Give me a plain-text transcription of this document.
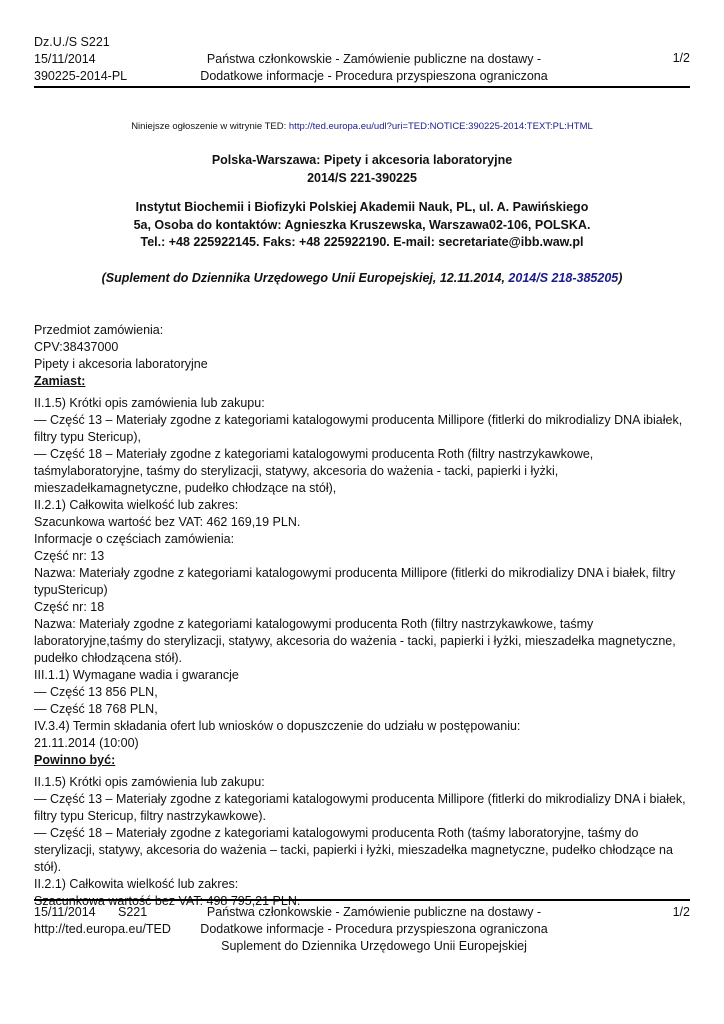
Dz.U./S S221
15/11/2014
390225-2014-PL
Państwa członkowskie - Zamówienie publiczne na dostawy -
Dodatkowe informacje - Procedura przyspieszona ograniczona
1/2
Niniejsze ogłoszenie w witrynie TED: http://ted.europa.eu/udl?uri=TED:NOTICE:390225-2014:TEXT:PL:HTML
Polska-Warszawa: Pipety i akcesoria laboratoryjne
2014/S 221-390225
Instytut Biochemii i Biofizyki Polskiej Akademii Nauk, PL, ul. A. Pawińskiego
5a, Osoba do kontaktów: Agnieszka Kruszewska, Warszawa02-106, POLSKA.
Tel.: +48 225922145. Faks: +48 225922190. E-mail: secretariate@ibb.waw.pl
(Suplement do Dziennika Urzędowego Unii Europejskiej, 12.11.2014, 2014/S 218-385205)

Przedmiot zamówienia:

CPV:38437000

Pipety i akcesoria laboratoryjne

Zamiast:

II.1.5) Krótki opis zamówienia lub zakupu:

— Część 13 – Materiały zgodne z kategoriami katalogowymi producenta Millipore (fitlerki do mikrodializy DNA ibiałek, filtry typu Stericup),

— Część 18 – Materiały zgodne z kategoriami katalogowymi producenta Roth (filtry nastrzykawkowe, taśmylaboratoryjne, taśmy do sterylizacji, statywy, akcesoria do ważenia - tacki, papierki i łyżki, mieszadełkamagnetyczne, pudełko chłodzące na stół),

II.2.1) Całkowita wielkość lub zakres:

Szacunkowa wartość bez VAT: 462 169,19 PLN.

Informacje o częściach zamówienia:

Część nr: 13

Nazwa: Materiały zgodne z kategoriami katalogowymi producenta Millipore (fitlerki do mikrodializy DNA i białek, filtry typuStericup)

Część nr: 18

Nazwa: Materiały zgodne z kategoriami katalogowymi producenta Roth (filtry nastrzykawkowe, taśmy laboratoryjne,taśmy do sterylizacji, statywy, akcesoria do ważenia - tacki, papierki i łyżki, mieszadełka magnetyczne, pudełko chłodzącena stół).

III.1.1) Wymagane wadia i gwarancje

— Część 13 856 PLN,

— Część 18 768 PLN,

IV.3.4) Termin składania ofert lub wniosków o dopuszczenie do udziału w postępowaniu:

21.11.2014 (10:00)

Powinno być:

II.1.5) Krótki opis zamówienia lub zakupu:

— Część 13 – Materiały zgodne z kategoriami katalogowymi producenta Millipore (fitlerki do mikrodializy DNA i białek, filtry typu Stericup, filtry nastrzykawkowe).

— Część 18 – Materiały zgodne z kategoriami katalogowymi producenta Roth (taśmy laboratoryjne, taśmy do sterylizacji, statywy, akcesoria do ważenia – tacki, papierki i łyżki, mieszadełka magnetyczne, pudełko chłodzące na stół).

II.2.1) Całkowita wielkość lub zakres:

Szacunkowa wartość bez VAT: 498 795,21 PLN.

15/11/2014 S221
http://ted.europa.eu/TED
Państwa członkowskie - Zamówienie publiczne na dostawy -
Dodatkowe informacje - Procedura przyspieszona ograniczona
Suplement do Dziennika Urzędowego Unii Europejskiej
1/2
